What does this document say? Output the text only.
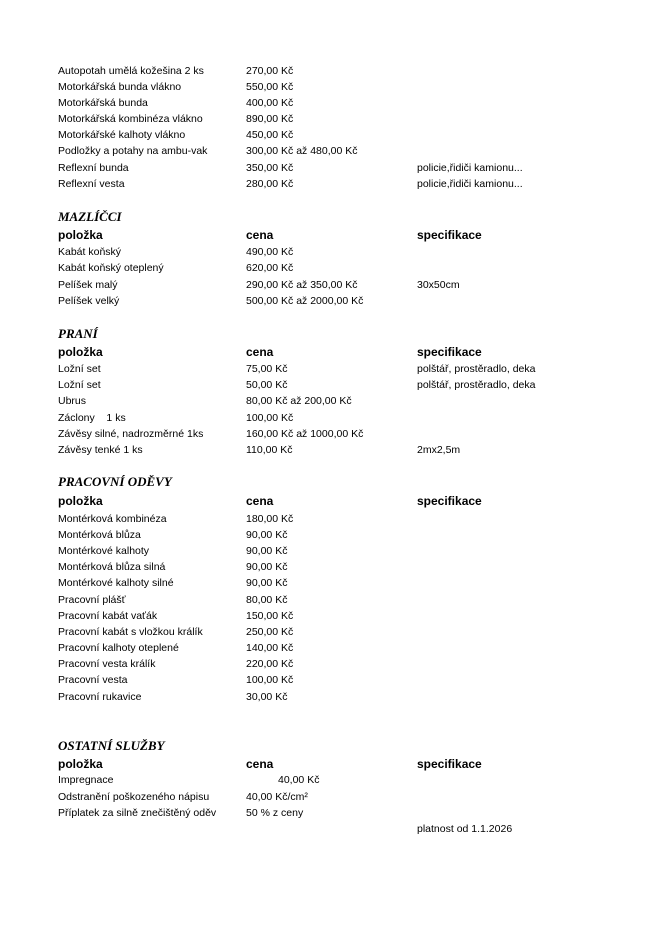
Autopotah umělá kožešina 2 ks	270,00 Kč
Motorkářská bunda vlákno	550,00 Kč
Motorkářská bunda	400,00 Kč
Motorkářská kombinéza vlákno	890,00 Kč
Motorkářské kalhoty vlákno	450,00 Kč
Podložky a potahy na ambu-vak	300,00 Kč až 480,00 Kč
Reflexní bunda	350,00 Kč	policie,řidiči kamionu...
Reflexní vesta	280,00 Kč	policie,řidiči kamionu...
MAZLÍČCI
položka	cena	specifikace
Kabát koňský	490,00 Kč
Kabát koňský oteplený	620,00 Kč
Pelíšek malý	290,00 Kč až 350,00 Kč	30x50cm
Pelíšek velký	500,00 Kč až 2000,00 Kč
PRANÍ
položka	cena	specifikace
Ložní set	75,00 Kč	polštář, prostěradlo, deka
Ložní set	50,00 Kč	polštář, prostěradlo, deka
Ubrus	80,00 Kč až 200,00 Kč
Záclony    1 ks	100,00 Kč
Závěsy silné, nadrozměrné 1ks	160,00 Kč až 1000,00 Kč
Závěsy tenké 1 ks	110,00 Kč	2mx2,5m
PRACOVNÍ ODĚVY
položka	cena	specifikace
Montérková kombinéza	180,00 Kč
Montérková blůza	90,00 Kč
Montérkové kalhoty	90,00 Kč
Montérková blůza silná	90,00 Kč
Montérkové kalhoty silné	90,00 Kč
Pracovní plášť	80,00 Kč
Pracovní kabát vaťák	150,00 Kč
Pracovní kabát s vložkou králík	250,00 Kč
Pracovní kalhoty oteplené	140,00 Kč
Pracovní vesta králík	220,00 Kč
Pracovní vesta	100,00 Kč
Pracovní rukavice	30,00 Kč
OSTATNÍ SLUŽBY
položka	cena	specifikace
Impregnace	40,00 Kč
Odstranění poškozeného nápisu	40,00 Kč/cm²
Příplatek za silně znečištěný oděv	50 % z ceny
platnost od 1.1.2026
